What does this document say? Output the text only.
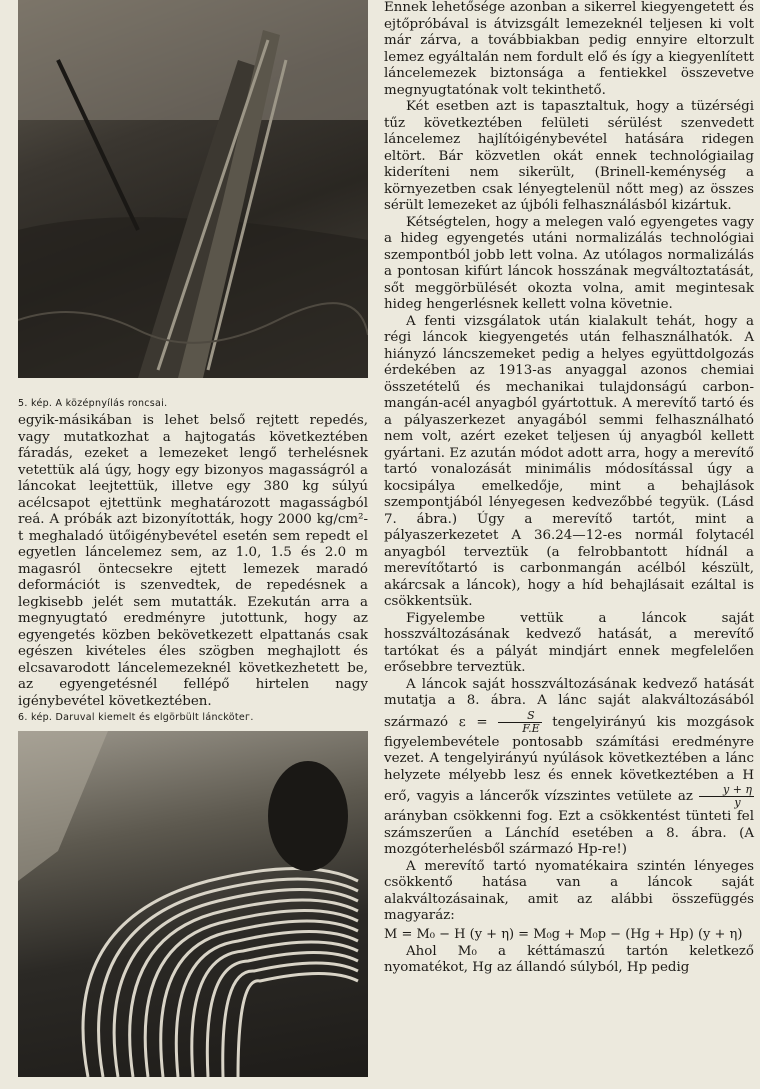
5. kép. A középnyílás roncsai.

egyik-másikában is lehet belső rejtett repedés, vagy mutatkozhat a hajtogatás következtében fáradás, ezeket a lemezeket lengő terhelésnek vetettük alá úgy, hogy egy bizonyos magasságról a láncokat leejtettük, illetve egy 380 kg súlyú acélcsapot ejtettünk meghatározott magasságból reá. A próbák azt bizonyították, hogy 2000 kg/cm²-t meghaladó ütőigénybevétel esetén sem repedt el egyetlen láncelemez sem, az 1.0, 1.5 és 2.0 m magasról öntecsekre ejtett lemezek maradó deformációt is szenvedtek, de repedésnek a legkisebb jelét sem mutatták. Ezekután arra a megnyugtató eredményre jutottunk, hogy az egyengetés közben bekövetkezett elpattanás csak egészen kivételes éles szögben meghajlott és elcsavarodott láncelemezeknél következhetett be, az egyengetésnél fellépő hirtelen nagy igénybevétel következtében.

6. kép. Daruval kiemelt és elgörbült lánckötег.

Ennek lehetősége azonban a sikerrel kiegyengetett és ejtőpróbával is átvizsgált lemezeknél teljesen ki volt már zárva, a továbbiakban pedig ennyire eltorzult lemez egyáltalán nem fordult elő és így a kiegyenlített láncelemezek biztonsága a fentiekkel összevetve megnyugtatónak volt tekinthető.

Két esetben azt is tapasztaltuk, hogy a tüzérségi tűz következtében felületi sérülést szenvedett láncelemez hajlítóigénybevétel hatására ridegen eltört. Bár közvetlen okát ennek technológiailag kideríteni nem sikerült, (Brinell-keménység a környezetben csak lényegtelenül nőtt meg) az összes sérült lemezeket az újbóli felhasználásból kizártuk.

Kétségtelen, hogy a melegen való egyengetes vagy a hideg egyengetés utáni normalizálás technológiai szempontból jobb lett volna. Az utólagos normalizálás a pontosan kifúrt láncok hosszának megváltoztatását, sőt meggörbülését okozta volna, amit megintesak hideg hengerlésnek kellett volna követnie.

A fenti vizsgálatok után kialakult tehát, hogy a régi láncok kiegyengetés után felhasználhatók. A hiányzó láncszemeket pedig a helyes együttdolgozás érdekében az 1913-as anyaggal azonos chemiai összetételű és mechanikai tulajdonságú carbon-mangán-acél anyagból gyártottuk. A merevítő tartó és a pályaszerkezet anyagából semmi felhasználható nem volt, azért ezeket teljesen új anyagból kellett gyártani. Ez azután módot adott arra, hogy a merevítő tartó vonalozását minimális módosítással úgy a kocsipálya emelkedője, mint a behajlások szempontjából lényegesen kedvezőbbé tegyük. (Lásd 7. ábra.) Úgy a merevítő tartót, mint a pályaszerkezetet A 36.24—12-es normál folytacél anyagból terveztük (a felrobbantott hídnál a merevítőtartó is carbonmangán acélból készült, akárcsak a láncok), hogy a híd behajlásait ezáltal is csökkentsük.

Figyelembe vettük a láncok saját hosszváltozásának kedvező hatását, a merevítő tartókat és a pályát mindjárt ennek megfelelően erősebbre terveztük.

A láncok saját hosszváltozásának kedvező hatását mutatja a 8. ábra. A lánc saját alakváltozásából származó $\varepsilon = \frac{S}{F.E}$ tengelyirányú kis mozgások figyelembevétele pontosabb számítási eredményre vezet. A tengelyirányú nyúlások következtében a lánc helyzete mélyebb lesz és ennek következtében a H erő, vagyis a láncerők vízszintes vetülete az $\frac{y + \eta}{y}$
arányban csökkenni fog. Ezt a csökkentést tünteti fel számszerűen a Lánchíd esetében a 8. ábra. (A mozgóterhelésből származó Hp-re!)

A merevítő tartó nyomatékaira szintén lényeges csökkentő hatása van a láncok saját alakváltozásainak, amit az alábbi összefüggés magyaráz:

M = M₀ − H (y + η) = M₀g + M₀p − (Hg + Hp) (y + η)

Ahol M₀ a kéttámaszú tartón keletkező nyomatékot, Hg az állandó súlyból, Hp pedig
